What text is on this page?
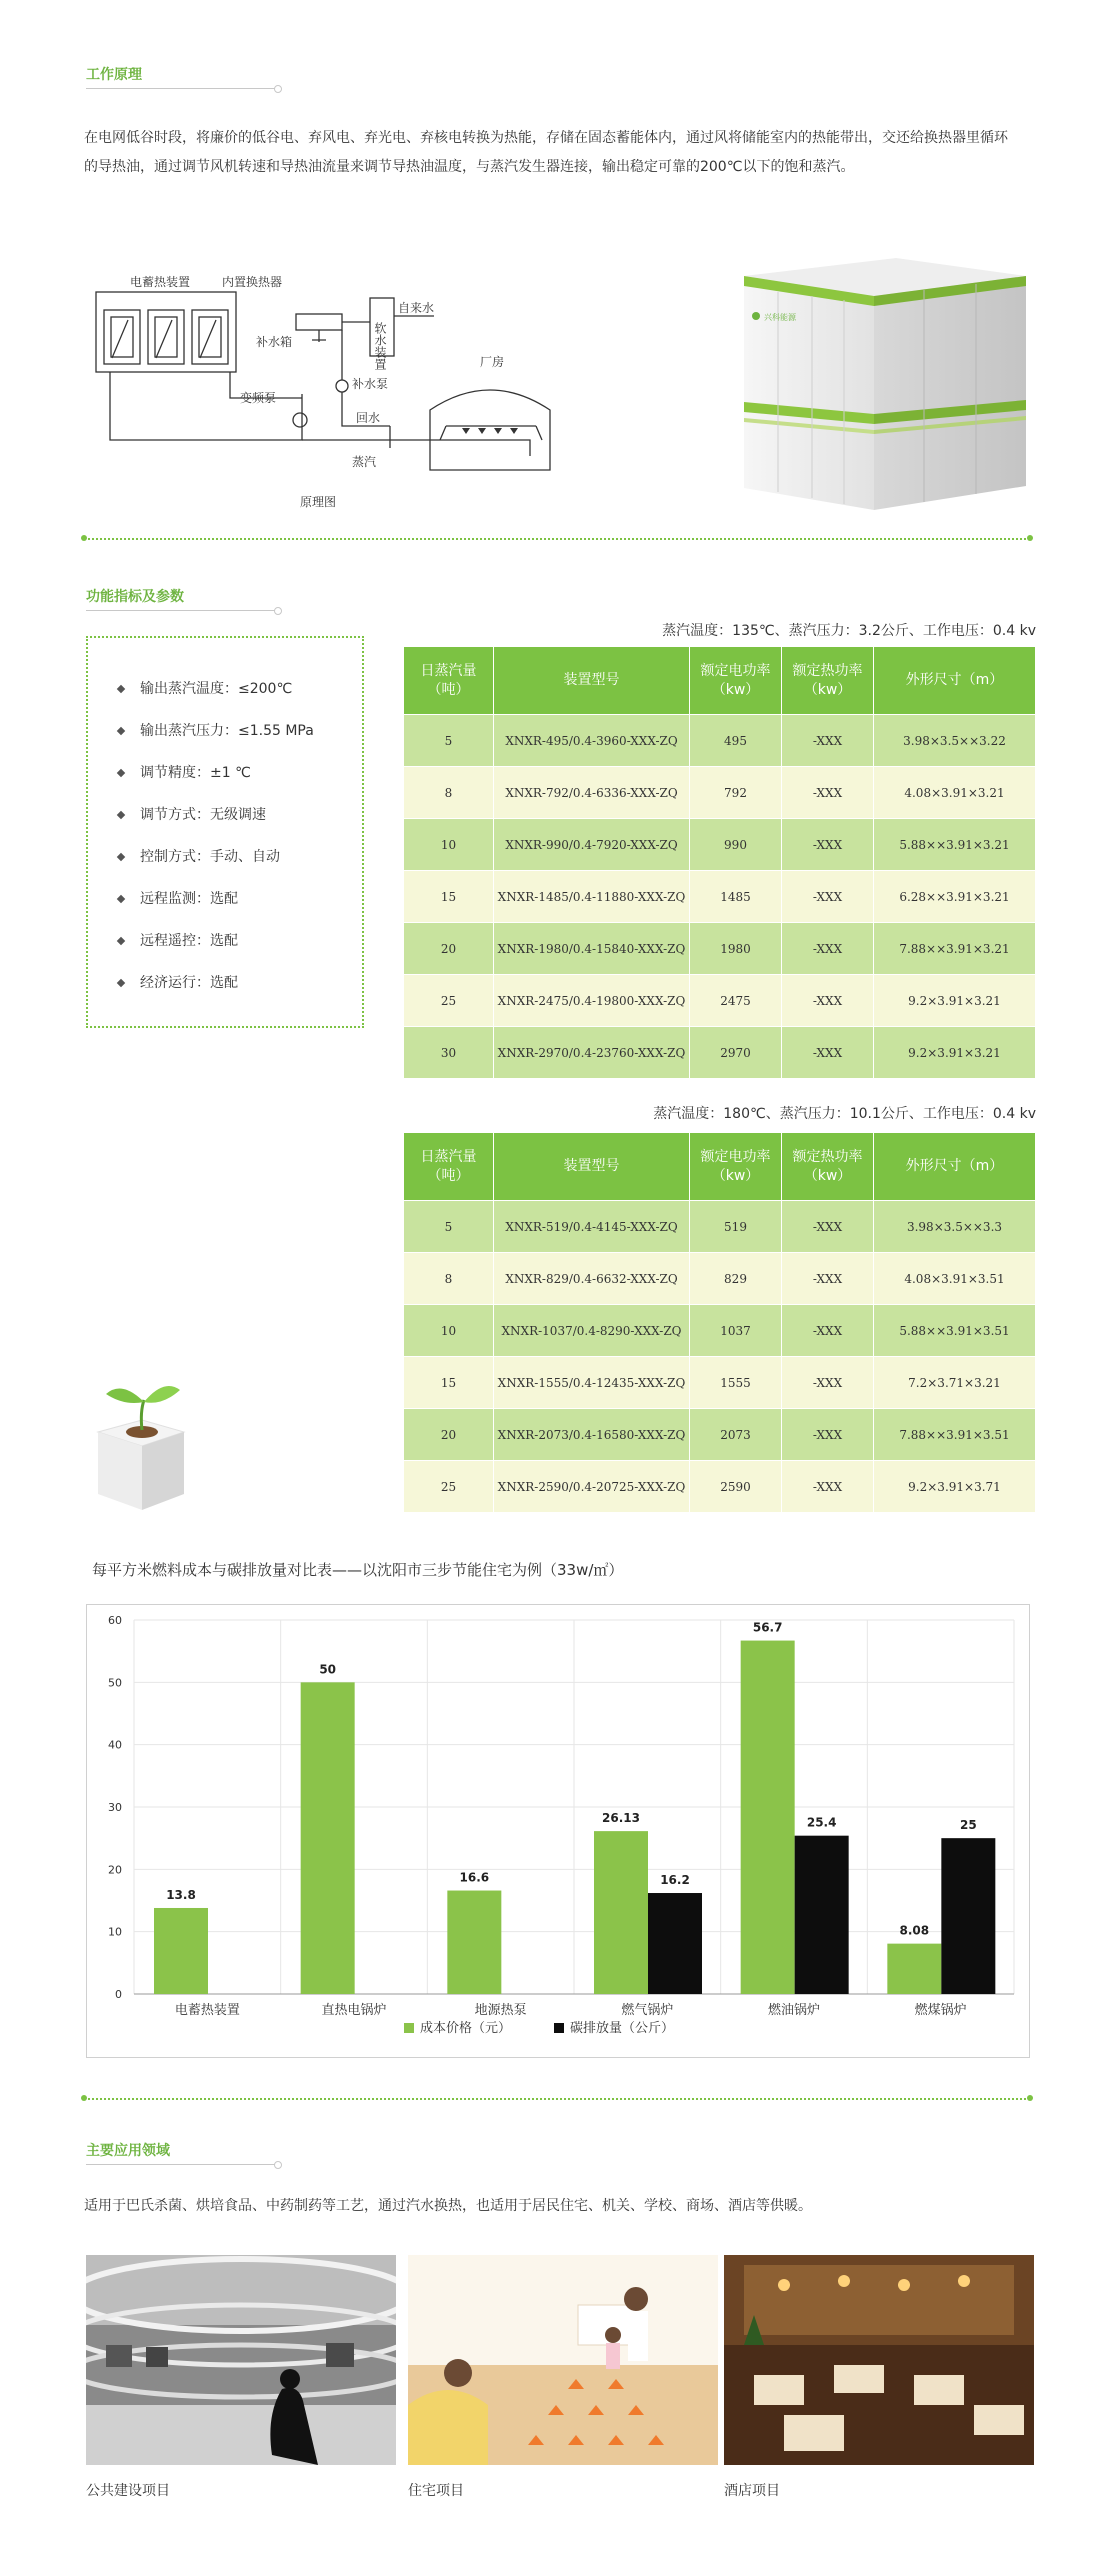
工作原理
在电网低谷时段，将廉价的低谷电、弃风电、弃光电、弃核电转换为热能，存储在固态蓄能体内，通过风将储能室内的热能带出，交还给换热器里循环的导热油，通过调节风机转速和导热油流量来调节导热油温度，与蒸汽发生器连接，输出稳定可靠的200℃以下的饱和蒸汽。
电蓄热装置	内置换热器
补水箱
自来水
变频泵
补水泵
回水
蒸汽
厂房
原理图
软水装置
兴科能源
功能指标及参数
输出蒸汽温度：≤200℃
输出蒸汽压力：≤1.55 MPa
调节精度：±1 ℃
调节方式：无级调速
控制方式：手动、自动
远程监测：选配
远程遥控：选配
经济运行：选配
蒸汽温度：135℃、蒸汽压力：3.2公斤、工作电压：0.4 kv
日蒸汽量（吨）	装置型号	额定电功率（kw）	额定热功率（kw）	外形尺寸（m）
5	XNXR-495/0.4-3960-XXX-ZQ	495	-XXX	3.98×3.5××3.22
8	XNXR-792/0.4-6336-XXX-ZQ	792	-XXX	4.08×3.91×3.21
10	XNXR-990/0.4-7920-XXX-ZQ	990	-XXX	5.88××3.91×3.21
15	XNXR-1485/0.4-11880-XXX-ZQ	1485	-XXX	6.28××3.91×3.21
20	XNXR-1980/0.4-15840-XXX-ZQ	1980	-XXX	7.88××3.91×3.21
25	XNXR-2475/0.4-19800-XXX-ZQ	2475	-XXX	9.2×3.91×3.21
30	XNXR-2970/0.4-23760-XXX-ZQ	2970	-XXX	9.2×3.91×3.21
蒸汽温度：180℃、蒸汽压力：10.1公斤、工作电压：0.4 kv
日蒸汽量（吨）	装置型号	额定电功率（kw）	额定热功率（kw）	外形尺寸（m）
5	XNXR-519/0.4-4145-XXX-ZQ	519	-XXX	3.98×3.5××3.3
8	XNXR-829/0.4-6632-XXX-ZQ	829	-XXX	4.08×3.91×3.51
10	XNXR-1037/0.4-8290-XXX-ZQ	1037	-XXX	5.88××3.91×3.51
15	XNXR-1555/0.4-12435-XXX-ZQ	1555	-XXX	7.2×3.71×3.21
20	XNXR-2073/0.4-16580-XXX-ZQ	2073	-XXX	7.88××3.91×3.51
25	XNXR-2590/0.4-20725-XXX-ZQ	2590	-XXX	9.2×3.91×3.71
每平方米燃料成本与碳排放量对比表——以沈阳市三步节能住宅为例（33w/㎡）
0
10
20
30
40
50
60
13.8
电蓄热装置
50
直热电锅炉
16.6
地源热泵
26.13
16.2
燃气锅炉
56.7
25.4
燃油锅炉
8.08
25
燃煤锅炉
成本价格（元）	碳排放量（公斤）
主要应用领域
适用于巴氏杀菌、烘培食品、中药制药等工艺，通过汽水换热，也适用于居民住宅、机关、学校、商场、酒店等供暖。
公共建设项目	住宅项目	酒店项目
